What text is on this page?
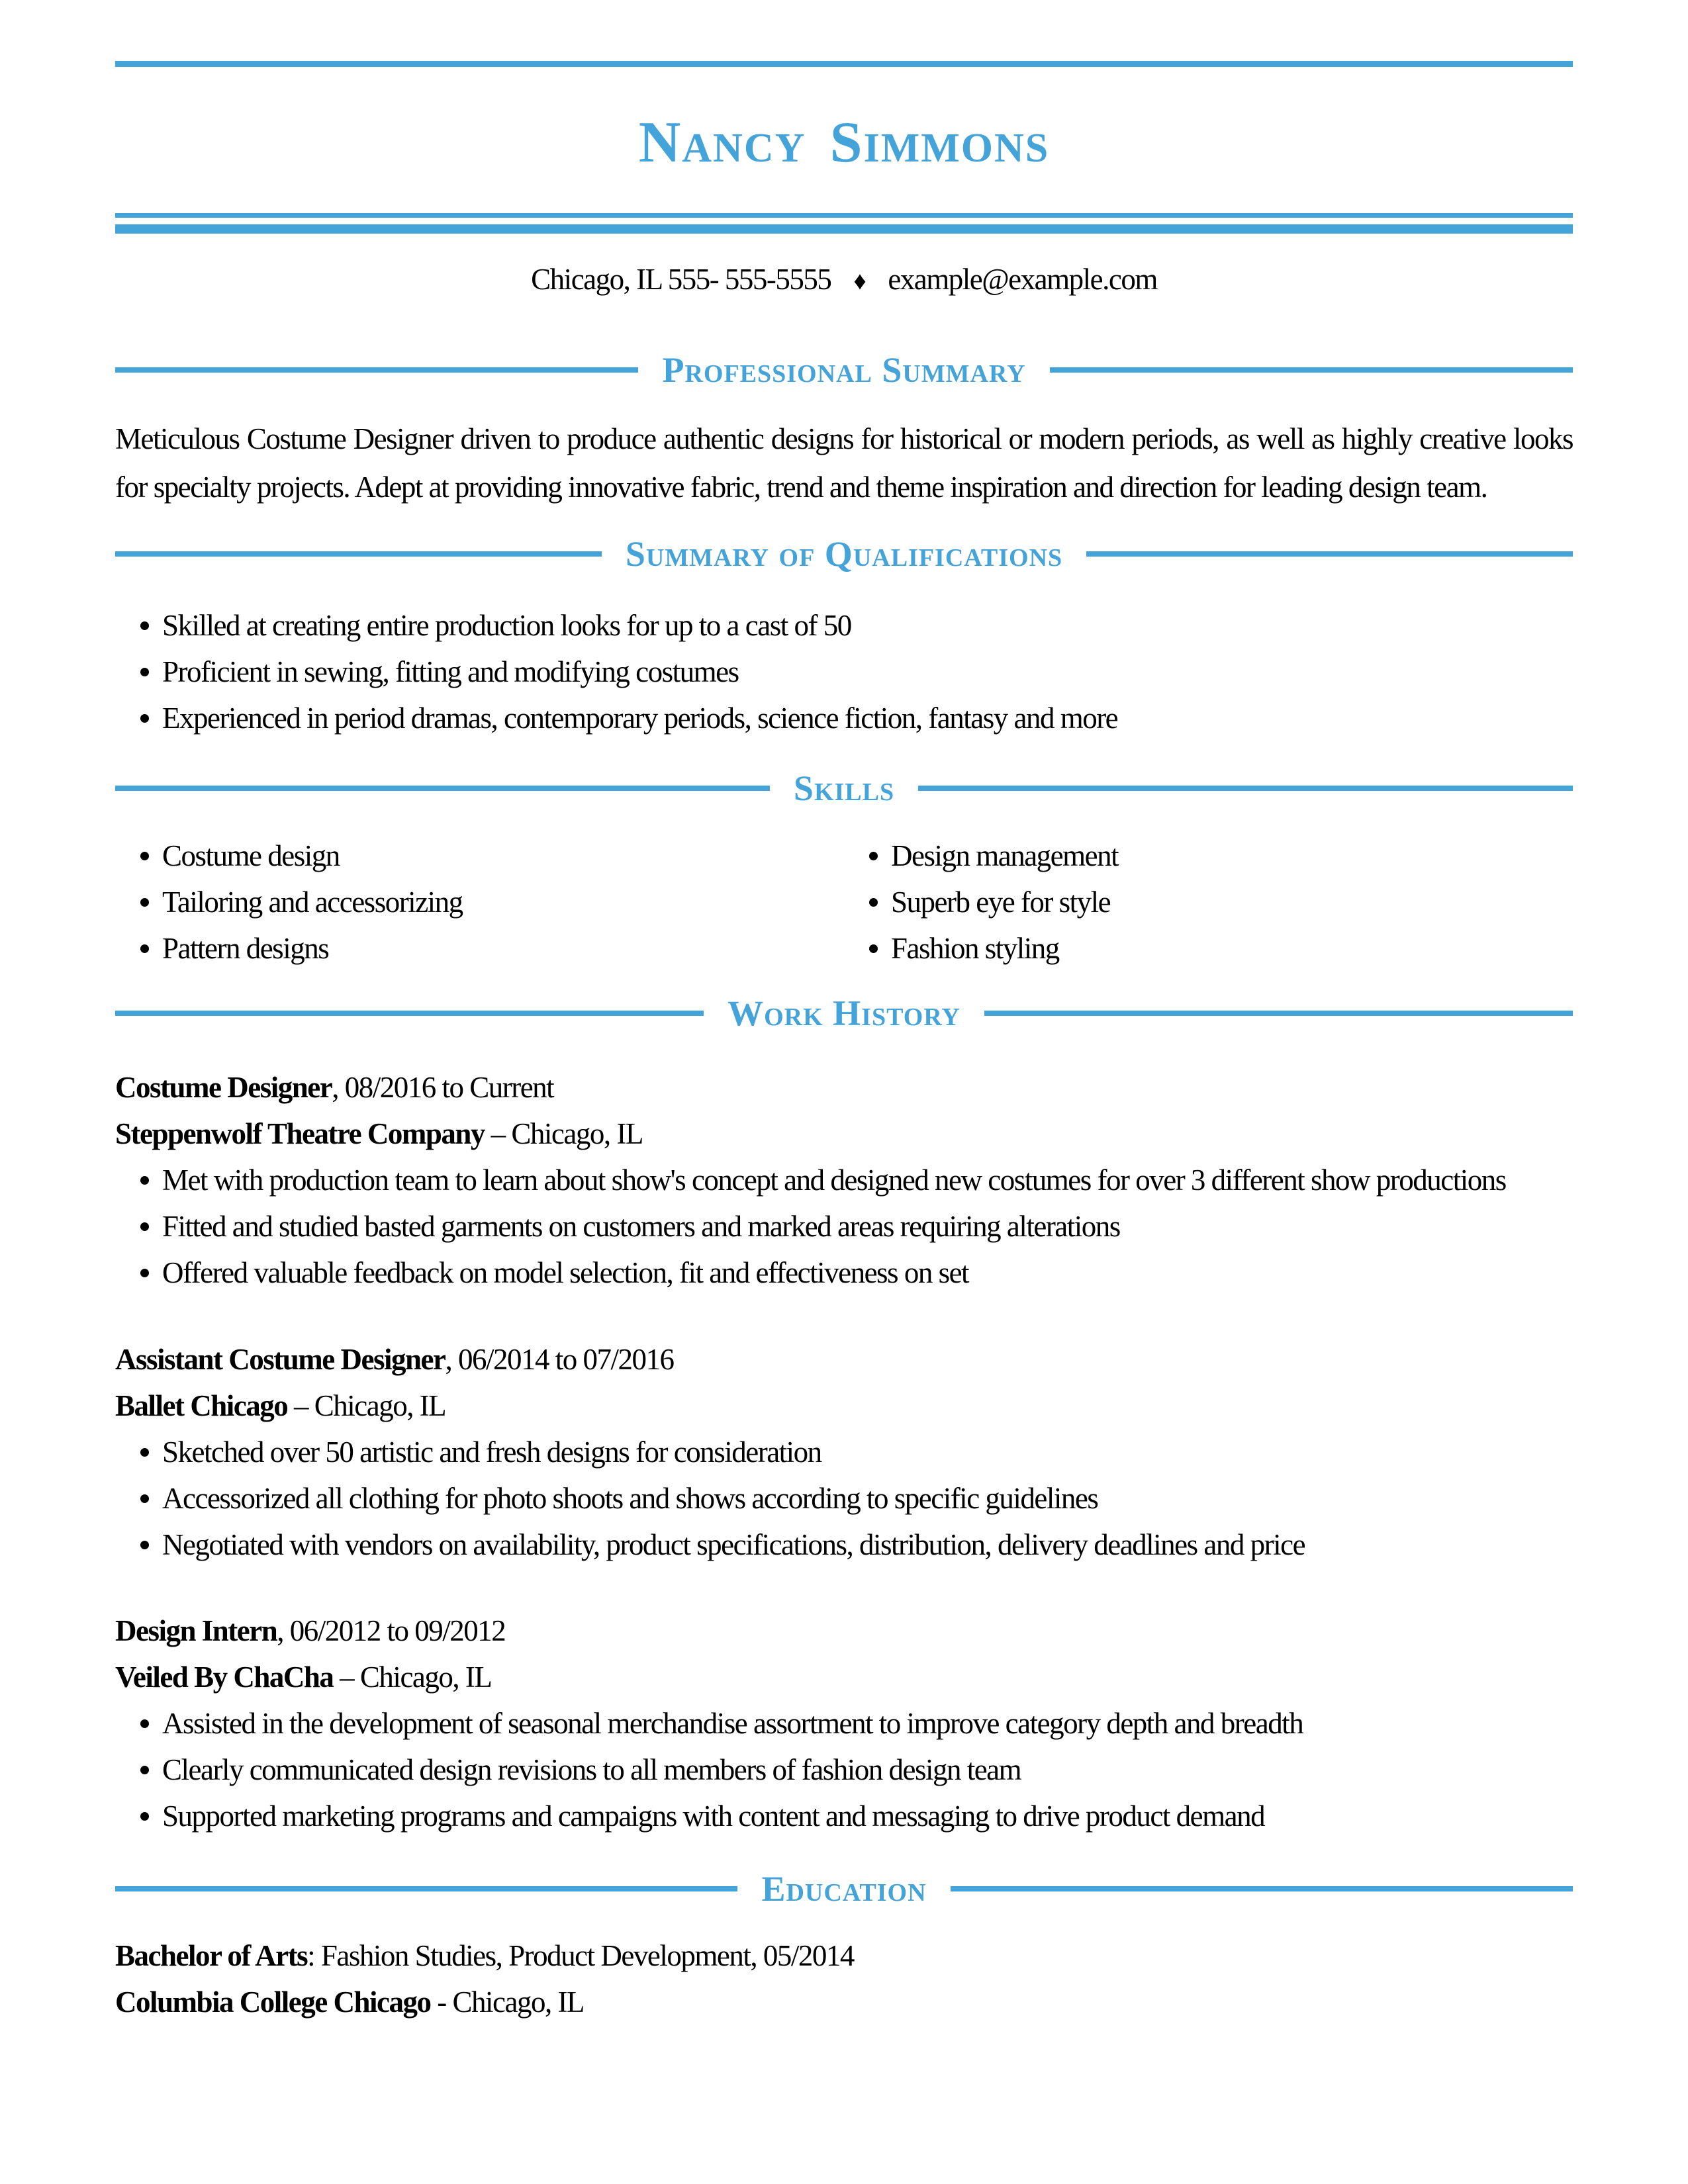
Nancy Simmons
Chicago, IL 555- 555-5555 ♦ example@example.com
Professional Summary

Meticulous Costume Designer driven to produce authentic designs for historical or modern periods, as well as highly creative looks for specialty projects. Adept at providing innovative fabric, trend and theme inspiration and direction for leading design team.

Summary of Qualifications
Skilled at creating entire production looks for up to a cast of 50
Proficient in sewing, fitting and modifying costumes
Experienced in period dramas, contemporary periods, science fiction, fantasy and more
Skills
Costume design
Tailoring and accessorizing
Pattern designs
Design management
Superb eye for style
Fashion styling
Work History
Costume Designer, 08/2016 to Current
Steppenwolf Theatre Company – Chicago, IL
Met with production team to learn about show's concept and designed new costumes for over 3 different show productions
Fitted and studied basted garments on customers and marked areas requiring alterations
Offered valuable feedback on model selection, fit and effectiveness on set
Assistant Costume Designer, 06/2014 to 07/2016
Ballet Chicago – Chicago, IL
Sketched over 50 artistic and fresh designs for consideration
Accessorized all clothing for photo shoots and shows according to specific guidelines
Negotiated with vendors on availability, product specifications, distribution, delivery deadlines and price
Design Intern, 06/2012 to 09/2012
Veiled By ChaCha – Chicago, IL
Assisted in the development of seasonal merchandise assortment to improve category depth and breadth
Clearly communicated design revisions to all members of fashion design team
Supported marketing programs and campaigns with content and messaging to drive product demand
Education
Bachelor of Arts: Fashion Studies, Product Development, 05/2014
Columbia College Chicago - Chicago, IL
